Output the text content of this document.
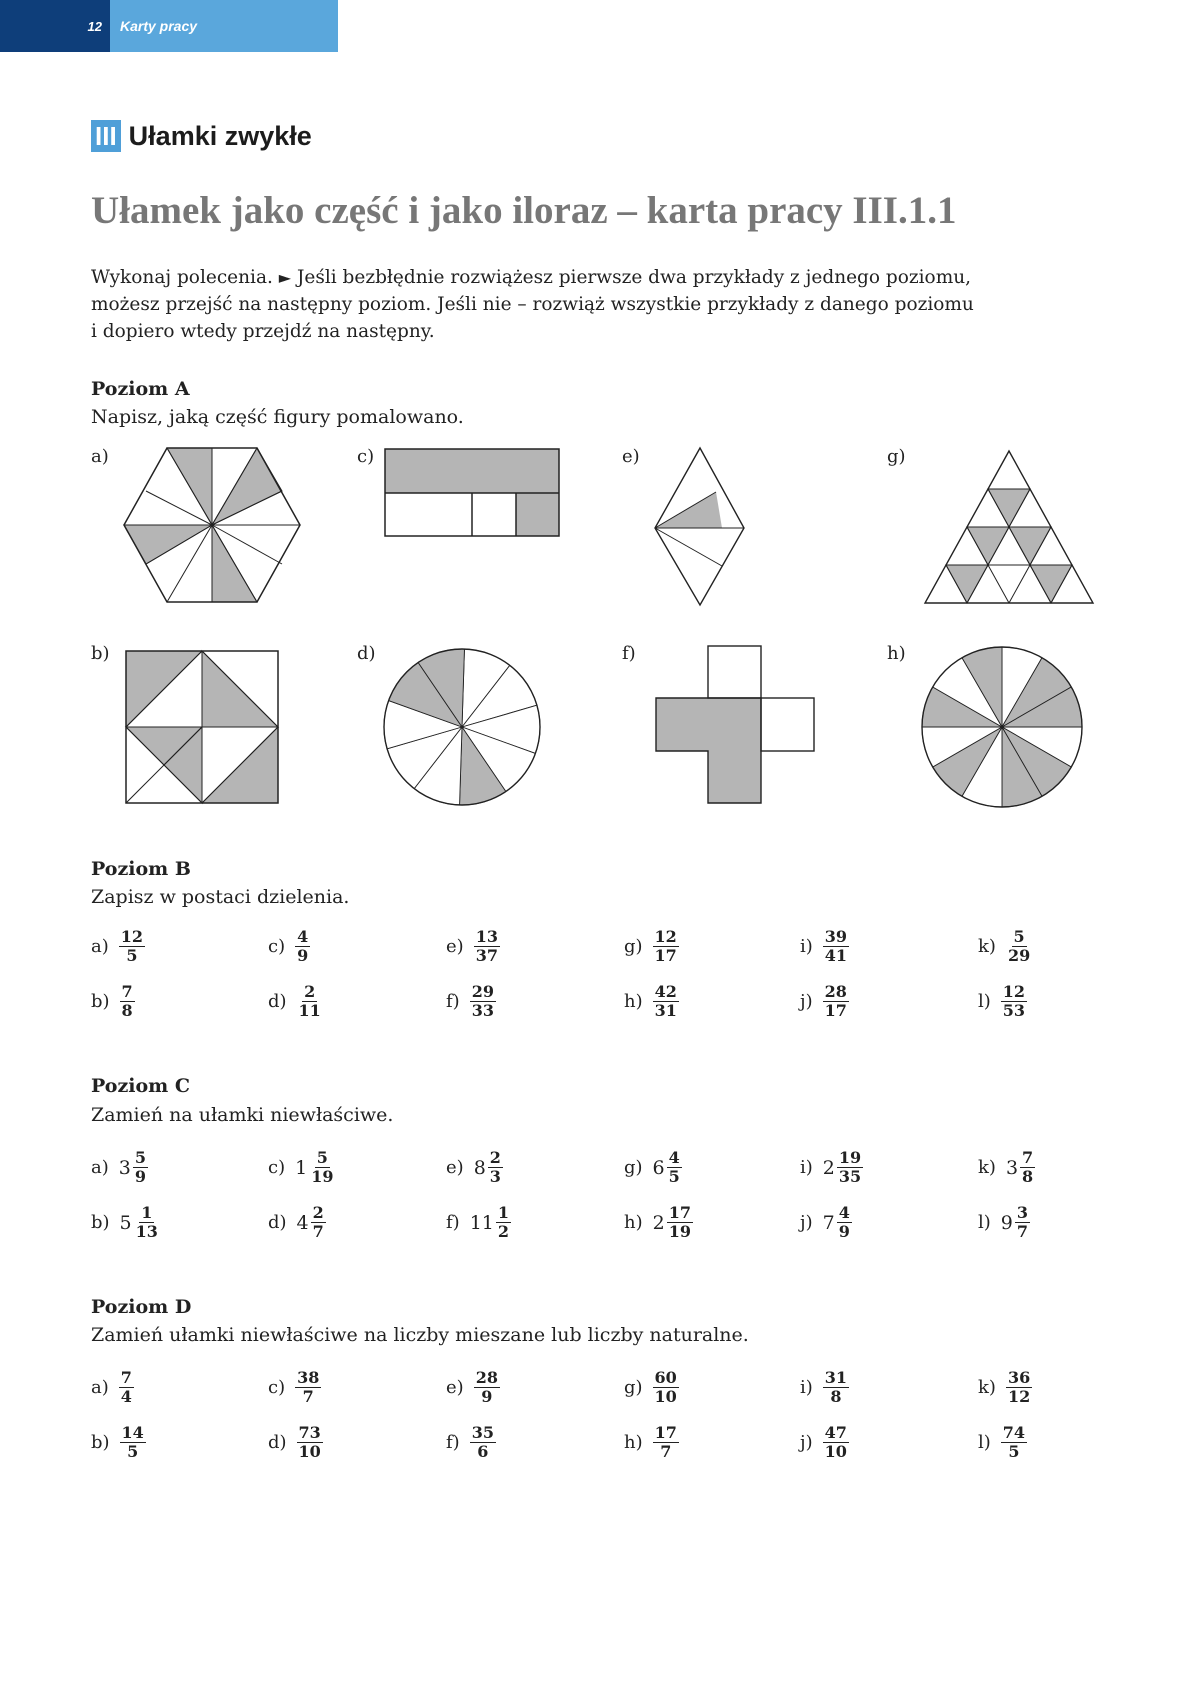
12	Karty pracy
III Ułamki zwykłe
Ułamek jako część i jako iloraz – karta pracy III.1.1
Wykonaj polecenia. ► Jeśli bezbłędnie rozwiążesz pierwsze dwa przykłady z jednego poziomu,
możesz przejść na następny poziom. Jeśli nie – rozwiąż wszystkie przykłady z danego poziomu
i dopiero wtedy przejdź na następny.
Poziom A
Napisz, jaką część figury pomalowano.
a)	c)	e)	g)
b)	d)	f)	h)
Poziom B
Zapisz w postaci dzielenia.
$a) \frac{12}{5}$
$b) \frac{7}{8}$
$c) \frac{4}{9}$
$d) \frac{2}{11}$
$e) \frac{13}{37}$
$f) \frac{29}{33}$
$g) \frac{12}{17}$
$h) \frac{42}{31}$
$i) \frac{39}{41}$
$j) \frac{28}{17}$
$k) \frac{5}{29}$
$l) \frac{12}{53}$
Poziom C
Zamień na ułamki niewłaściwe.
a) $3 \frac{5}{9}$
b) $5 \frac{1}{13}$
c) $1 \frac{5}{19}$
d) $4 \frac{2}{7}$
e) $8 \frac{2}{3}$
f) $11 \frac{1}{2}$
g) $6 \frac{4}{5}$
h) $2 \frac{17}{19}$
i) $2 \frac{19}{35}$
j) $7 \frac{4}{9}$
k) $3 \frac{7}{8}$
l) $9 \frac{3}{7}$
Poziom D
Zamień ułamki niewłaściwe na liczby mieszane lub liczby naturalne.
$a) \frac{7}{4}$
$b) \frac{14}{5}$
$c) \frac{38}{7}$
$d) \frac{73}{10}$
$e) \frac{28}{9}$
$f) \frac{35}{6}$
$g) \frac{60}{10}$
$h) \frac{17}{7}$
$i) \frac{31}{8}$
$j) \frac{47}{10}$
$k) \frac{36}{12}$
$l) \frac{74}{5}$
